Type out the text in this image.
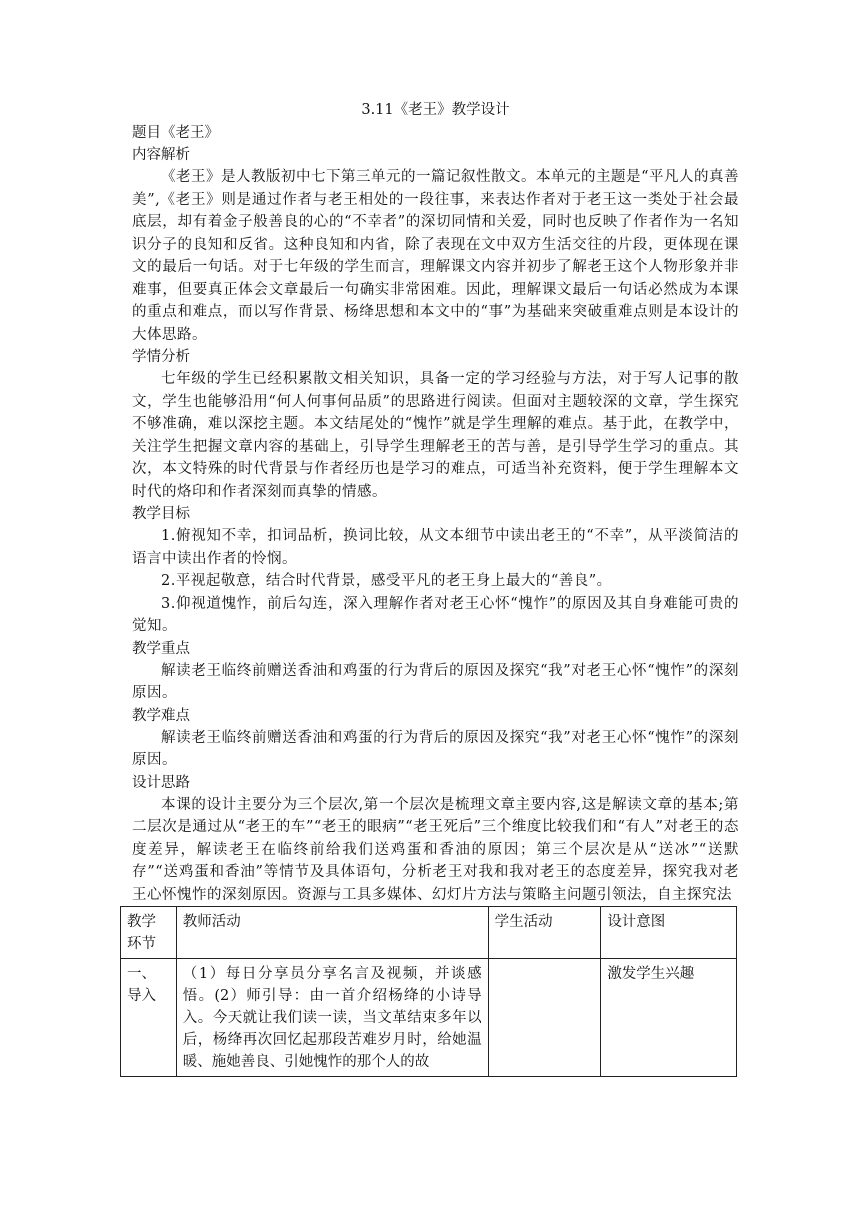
3.11《老王》教学设计
题目《老王》
内容解析

《老王》是人教版初中七下第三单元的一篇记叙性散文。本单元的主题是“平凡人的真善美”,《老王》则是通过作者与老王相处的一段往事，来表达作者对于老王这一类处于社会最底层，却有着金子般善良的心的“不幸者”的深切同情和关爱，同时也反映了作者作为一名知识分子的良知和反省。这种良知和内省，除了表现在文中双方生活交往的片段，更体现在课文的最后一句话。对于七年级的学生而言，理解课文内容并初步了解老王这个人物形象并非难事，但要真正体会文章最后一句确实非常困难。因此，理解课文最后一句话必然成为本课的重点和难点，而以写作背景、杨绛思想和本文中的“事”为基础来突破重难点则是本设计的大体思路。

学情分析

七年级的学生已经积累散文相关知识，具备一定的学习经验与方法，对于写人记事的散文，学生也能够沿用“何人何事何品质”的思路进行阅读。但面对主题较深的文章，学生探究不够准确，难以深挖主题。本文结尾处的“愧怍”就是学生理解的难点。基于此，在教学中，关注学生把握文章内容的基础上，引导学生理解老王的苦与善，是引导学生学习的重点。其次，本文特殊的时代背景与作者经历也是学习的难点，可适当补充资料，便于学生理解本文时代的烙印和作者深刻而真挚的情感。

教学目标

1.俯视知不幸，扣词品析，换词比较，从文本细节中读出老王的“不幸”，从平淡简洁的语言中读出作者的怜悯。

2.平视起敬意，结合时代背景，感受平凡的老王身上最大的“善良”。

3.仰视道愧怍，前后勾连，深入理解作者对老王心怀“愧怍”的原因及其自身难能可贵的觉知。

教学重点

解读老王临终前赠送香油和鸡蛋的行为背后的原因及探究“我”对老王心怀“愧怍”的深刻原因。

教学难点

解读老王临终前赠送香油和鸡蛋的行为背后的原因及探究“我”对老王心怀“愧怍”的深刻原因。

设计思路

本课的设计主要分为三个层次,第一个层次是梳理文章主要内容,这是解读文章的基本;第二层次是通过从“老王的车”“老王的眼病”“老王死后”三个维度比较我们和“有人”对老王的态度差异，解读老王在临终前给我们送鸡蛋和香油的原因；第三个层次是从“送冰”“送默存”“送鸡蛋和香油”等情节及具体语句，分析老王对我和我对老王的态度差异，探究我对老王心怀愧怍的深刻原因。资源与工具多媒体、幻灯片方法与策略主问题引领法，自主探究法

教学环节	教师活动	学生活动	设计意图
一、导入	（1）每日分享员分享名言及视频，并谈感悟。(2）师引导：由一首介绍杨绛的小诗导入。今天就让我们读一读，当文革结束多年以后，杨绛再次回忆起那段苦难岁月时，给她温暖、施她善良、引她愧怍的那个人的故		激发学生兴趣
